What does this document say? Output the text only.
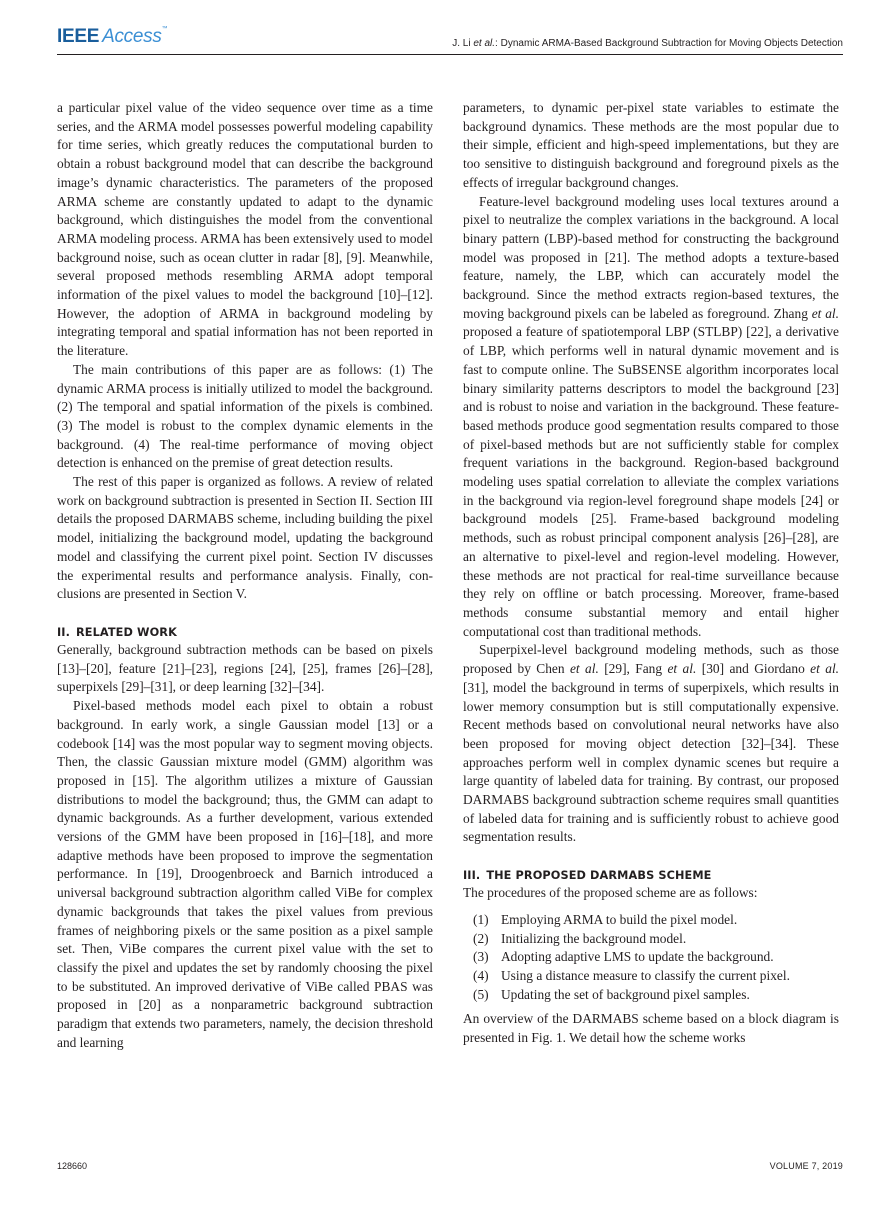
IEEE Access™
J. Li et al.: Dynamic ARMA-Based Background Subtraction for Moving Objects Detection

a particular pixel value of the video sequence over time as a time series, and the ARMA model possesses powerful modeling capability for time series, which greatly reduces the computational burden to obtain a robust background model that can describe the background image’s dynamic characteristics. The parameters of the proposed ARMA scheme are constantly updated to adapt to the dynamic background, which distinguishes the model from the conventional ARMA modeling process. ARMA has been extensively used to model background noise, such as ocean clutter in radar [8], [9]. Meanwhile, several proposed methods resembling ARMA adopt temporal information of the pixel values to model the background [10]–[12]. However, the adoption of ARMA in background modeling by integrating temporal and spatial information has not been reported in the literature.

The main contributions of this paper are as follows: (1) The dynamic ARMA process is initially utilized to model the background. (2) The temporal and spatial information of the pixels is combined. (3) The model is robust to the complex dynamic elements in the background. (4) The real-time performance of moving object detection is enhanced on the premise of great detection results.

The rest of this paper is organized as follows. A review of related work on background subtraction is presented in Section II. Section III details the proposed DARMABS scheme, including building the pixel model, initializing the background model, updating the background model and classifying the current pixel point. Section IV discusses the experimental results and performance analysis. Finally, conclusions are presented in Section V.

II. RELATED WORK

Generally, background subtraction methods can be based on pixels [13]–[20], feature [21]–[23], regions [24], [25], frames [26]–[28], superpixels [29]–[31], or deep learning [32]–[34].

Pixel-based methods model each pixel to obtain a robust background. In early work, a single Gaussian model [13] or a codebook [14] was the most popular way to segment moving objects. Then, the classic Gaussian mixture model (GMM) algorithm was proposed in [15]. The algorithm utilizes a mixture of Gaussian distributions to model the background; thus, the GMM can adapt to dynamic backgrounds. As a further development, various extended versions of the GMM have been proposed in [16]–[18], and more adaptive methods have been proposed to improve the segmentation performance. In [19], Droogenbroeck and Barnich introduced a universal background subtraction algorithm called ViBe for complex dynamic backgrounds that takes the pixel values from previous frames of neighboring pixels or the same position as a pixel sample set. Then, ViBe compares the current pixel value with the set to classify the pixel and updates the set by randomly choosing the pixel to be substituted. An improved derivative of ViBe called PBAS was proposed in [20] as a nonparametric background subtraction paradigm that extends two parameters, namely, the decision threshold and learning

parameters, to dynamic per-pixel state variables to estimate the background dynamics. These methods are the most popular due to their simple, efficient and high-speed implementations, but they are too sensitive to distinguish background and foreground pixels as the effects of irregular background changes.

Feature-level background modeling uses local textures around a pixel to neutralize the complex variations in the background. A local binary pattern (LBP)-based method for constructing the background model was proposed in [21]. The method adopts a texture-based feature, namely, the LBP, which can accurately model the background. Since the method extracts region-based textures, the moving background pixels can be labeled as foreground. Zhang et al. proposed a feature of spatiotemporal LBP (STLBP) [22], a derivative of LBP, which performs well in natural dynamic movement and is fast to compute online. The SuBSENSE algorithm incorporates local binary similarity patterns descriptors to model the background [23] and is robust to noise and variation in the background. These feature-based methods produce good segmentation results compared to those of pixel-based methods but are not sufficiently stable for complex frequent variations in the background. Region-based background modeling uses spatial correlation to alleviate the complex variations in the background via region-level foreground shape models [24] or background models [25]. Frame-based background modeling methods, such as robust principal component analysis [26]–[28], are an alternative to pixel-level and region-level modeling. However, these methods are not practical for real-time surveillance because they rely on offline or batch processing. Moreover, frame-based methods consume substantial memory and entail higher computational cost than traditional methods.

Superpixel-level background modeling methods, such as those proposed by Chen et al. [29], Fang et al. [30] and Giordano et al. [31], model the background in terms of superpixels, which results in lower memory consumption but is still computationally expensive. Recent methods based on convolutional neural networks have also been proposed for moving object detection [32]–[34]. These approaches perform well in complex dynamic scenes but require a large quantity of labeled data for training. By contrast, our proposed DARMABS background subtraction scheme requires small quantities of labeled data for training and is sufficiently robust to achieve good segmentation results.

III. THE PROPOSED DARMABS SCHEME

The procedures of the proposed scheme are as follows:

(1) Employing ARMA to build the pixel model.
(2) Initializing the background model.
(3) Adopting adaptive LMS to update the background.
(4) Using a distance measure to classify the current pixel.
(5) Updating the set of background pixel samples.

An overview of the DARMABS scheme based on a block diagram is presented in Fig. 1. We detail how the scheme works

128660	VOLUME 7, 2019
